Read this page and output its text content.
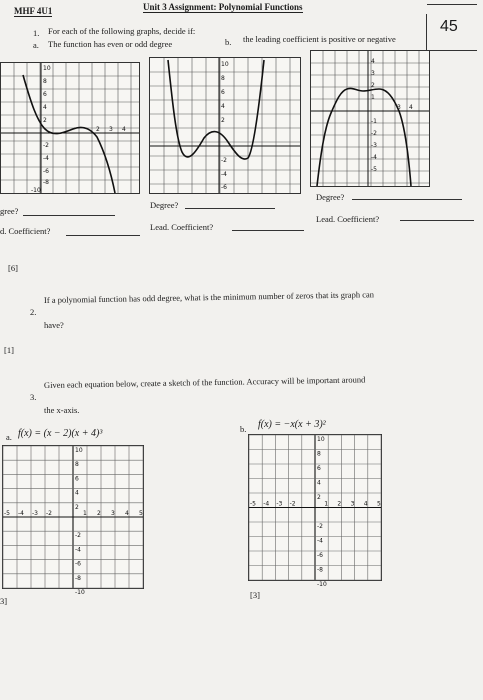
MHF 4U1	Unit 3 Assignment: Polynomial Functions
45
1. For each of the following graphs, decide if:
a. The function has even or odd degree	b. the leading coefficient is positive or negative
10
8
6
4
2
-2
-4
-6
-8
-10
2 3 4
10
8
6
4
2
-2
-4
-6
4
3
2
1
-1
-2
-3
-4
-5
3 4
gree?
d. Coefficient?
Degree?
Lead. Coefficient?
Degree?
Lead. Coefficient?
[6]
2.
If a polynomial function has odd degree, what is the minimum number of zeros that its graph can
have?
[1]
3.
Given each equation below, create a sketch of the function. Accuracy will be important around
the x-axis.
a. f(x) = (x − 2)(x + 4)³	b. f(x) = −x(x + 3)²
10
8
6
4
2
-2
-4
-6
-8
-10
-5 -4 -3 -2	1 2 3 4 5
10
8
6
4
2
-2
-4
-6
-8
-10
-5 -4 -3 -2	1 2 3 4 5
3]
[3]
